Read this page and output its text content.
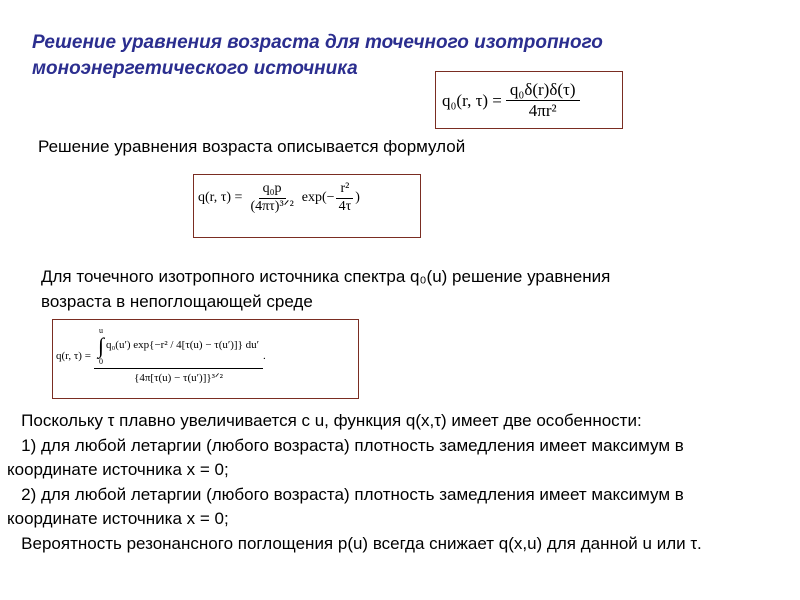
Решение уравнения возраста для точечного изотропного моноэнергетического источника
q₀(r, $\tau) = \frac{\text{q₀δ(r)δ(τ)}}{\text{4πr²}}$
Решение уравнения возраста описывается формулой
q(r, $\tau) = \frac{\text{q₀p}}{\text{(4πτ)³ᐟ²}} \exp(- \frac{\text{r²}}{4\tau}$ )
Для точечного изотропного источника спектра q₀(u) решение уравнения возраста в непоглощающей среде
q(r, τ) =
u
∫
0
q₀(u′) exp{−r² / 4[τ(u) − τ(u′)]} du′
{4π[τ(u) − τ(u′)]}³ᐟ²
.
Поскольку τ плавно увеличивается с u, функция q(x,τ) имеет две особенности:
1) для любой летаргии (любого возраста) плотность замедления имеет максимум в координате источника x = 0;
2) для любой летаргии (любого возраста) плотность замедления имеет максимум в координате источника x = 0;
Вероятность резонансного поглощения p(u) всегда снижает q(x,u) для данной u или τ.
